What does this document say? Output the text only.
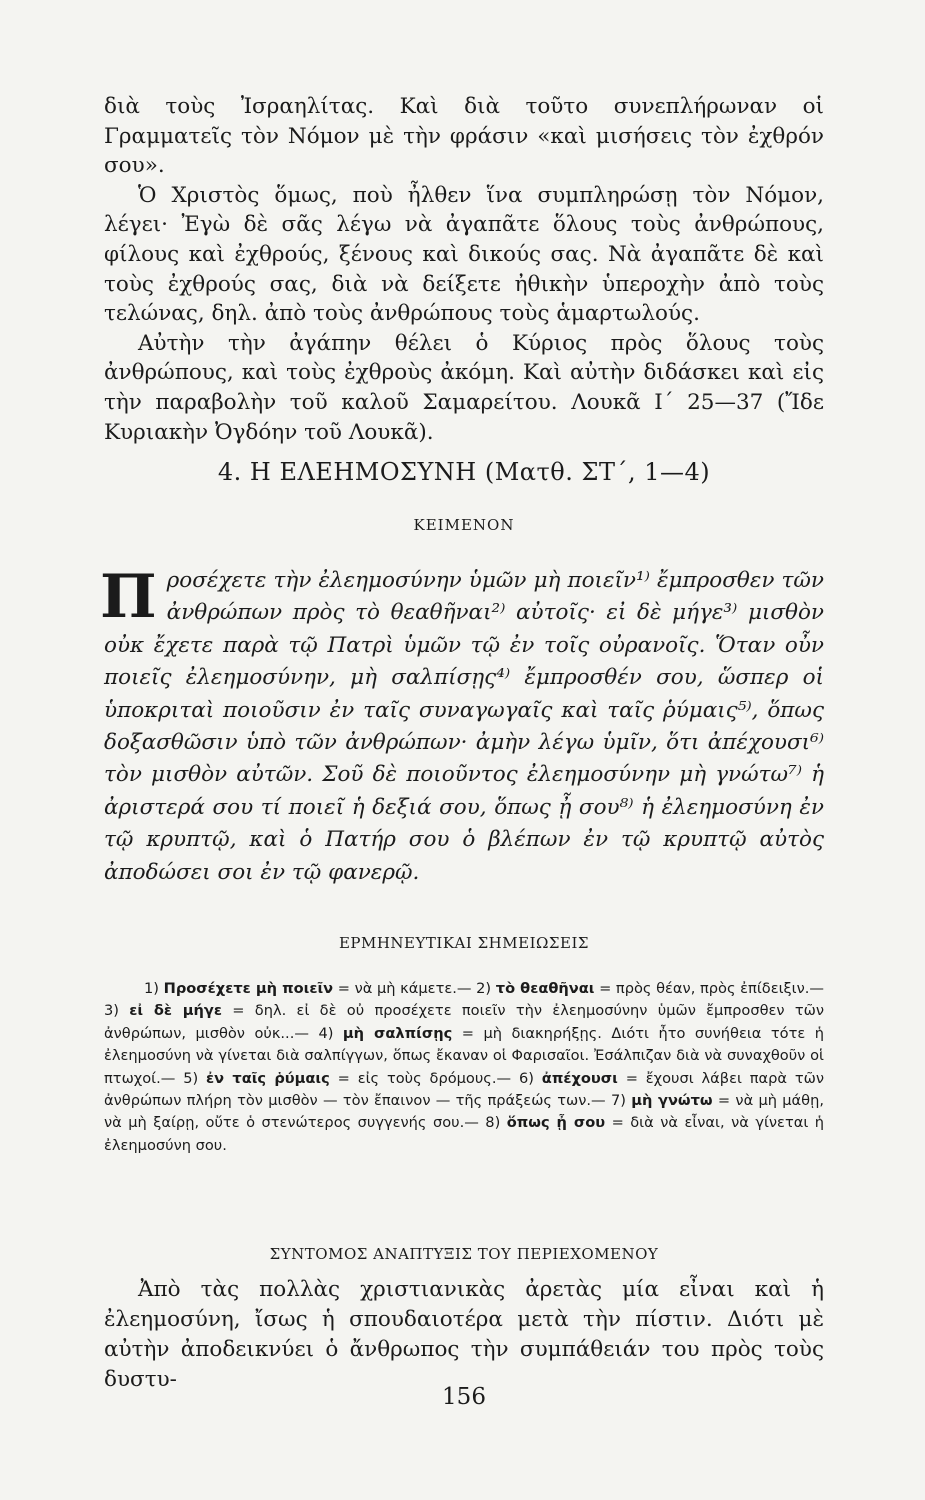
διὰ τοὺς Ἰσραηλίτας. Καὶ διὰ τοῦτο συνεπλήρωναν οἱ Γραμματεῖς τὸν Νόμον μὲ τὴν φράσιν «καὶ μισήσεις τὸν ἐχθρόν σου».

Ὁ Χριστὸς ὅμως, ποὺ ἦλθεν ἵνα συμπληρώσῃ τὸν Νόμον, λέγει· Ἐγὼ δὲ σᾶς λέγω νὰ ἀγαπᾶτε ὅλους τοὺς ἀνθρώπους, φίλους καὶ ἐχθρούς, ξένους καὶ δικούς σας. Νὰ ἀγαπᾶτε δὲ καὶ τοὺς ἐχθρούς σας, διὰ νὰ δείξετε ἠθικὴν ὑπεροχὴν ἀπὸ τοὺς τελώνας, δηλ. ἀπὸ τοὺς ἀνθρώπους τοὺς ἁμαρτωλούς.

Αὐτὴν τὴν ἀγάπην θέλει ὁ Κύριος πρὸς ὅλους τοὺς ἀνθρώπους, καὶ τοὺς ἐχθροὺς ἀκόμη. Καὶ αὐτὴν διδάσκει καὶ εἰς τὴν παραβολὴν τοῦ καλοῦ Σαμαρείτου. Λουκᾶ Ι΄ 25—37 (Ἴδε Κυριακὴν Ὀγδόην τοῦ Λουκᾶ).

4. Η ΕΛΕΗΜΟΣΥΝΗ (Ματθ. ΣΤ΄, 1—4)
ΚΕΙΜΕΝΟΝ
Προσέχετε τὴν ἐλεημοσύνην ὑμῶν μὴ ποιεῖν¹⁾ ἔμπροσθεν τῶν ἀνθρώπων πρὸς τὸ θεαθῆναι²⁾ αὐτοῖς· εἰ δὲ μήγε³⁾ μισθὸν οὐκ ἔχετε παρὰ τῷ Πατρὶ ὑμῶν τῷ ἐν τοῖς οὐρανοῖς. Ὅταν οὖν ποιεῖς ἐλεημοσύνην, μὴ σαλπίσῃς⁴⁾ ἔμπροσθέν σου, ὥσπερ οἱ ὑποκριταὶ ποιοῦσιν ἐν ταῖς συναγωγαῖς καὶ ταῖς ῥύμαις⁵⁾, ὅπως δοξασθῶσιν ὑπὸ τῶν ἀνθρώπων· ἀμὴν λέγω ὑμῖν, ὅτι ἀπέχουσι⁶⁾ τὸν μισθὸν αὐτῶν. Σοῦ δὲ ποιοῦντος ἐλεημοσύνην μὴ γνώτω⁷⁾ ἡ ἀριστερά σου τί ποιεῖ ἡ δεξιά σου, ὅπως ᾖ σου⁸⁾ ἡ ἐλεημοσύνη ἐν τῷ κρυπτῷ, καὶ ὁ Πατήρ σου ὁ βλέπων ἐν τῷ κρυπτῷ αὐτὸς ἀποδώσει σοι ἐν τῷ φανερῷ.
ΕΡΜΗΝΕΥΤΙΚΑΙ ΣΗΜΕΙΩΣΕΙΣ

1) Προσέχετε μὴ ποιεῖν = νὰ μὴ κάμετε.— 2) τὸ θεαθῆναι = πρὸς θέαν, πρὸς ἐπίδειξιν.— 3) εἰ δὲ μήγε = δηλ. εἰ δὲ οὐ προσέχετε ποιεῖν τὴν ἐλεημοσύνην ὑμῶν ἔμπροσθεν τῶν ἀνθρώπων, μισθὸν οὐκ...— 4) μὴ σαλπίσῃς = μὴ διακηρήξῃς. Διότι ἦτο συνήθεια τότε ἡ ἐλεημοσύνη νὰ γίνεται διὰ σαλπίγγων, ὅπως ἔκαναν οἱ Φαρισαῖοι. Ἐσάλπιζαν διὰ νὰ συναχθοῦν οἱ πτωχοί.— 5) ἐν ταῖς ῥύμαις = εἰς τοὺς δρόμους.— 6) ἀπέχουσι = ἔχουσι λάβει παρὰ τῶν ἀνθρώπων πλήρη τὸν μισθὸν — τὸν ἔπαινον — τῆς πράξεώς των.— 7) μὴ γνώτω = νὰ μὴ μάθῃ, νὰ μὴ ξαίρῃ, οὔτε ὁ στενώτερος συγγενής σου.— 8) ὅπως ᾖ σου = διὰ νὰ εἶναι, νὰ γίνεται ἡ ἐλεημοσύνη σου.

ΣΥΝΤΟΜΟΣ ΑΝΑΠΤΥΞΙΣ ΤΟΥ ΠΕΡΙΕΧΟΜΕΝΟΥ

Ἀπὸ τὰς πολλὰς χριστιανικὰς ἀρετὰς μία εἶναι καὶ ἡ ἐλεημοσύνη, ἴσως ἡ σπουδαιοτέρα μετὰ τὴν πίστιν. Διότι μὲ αὐτὴν ἀποδεικνύει ὁ ἄνθρωπος τὴν συμπάθειάν του πρὸς τοὺς δυστυ-

156
